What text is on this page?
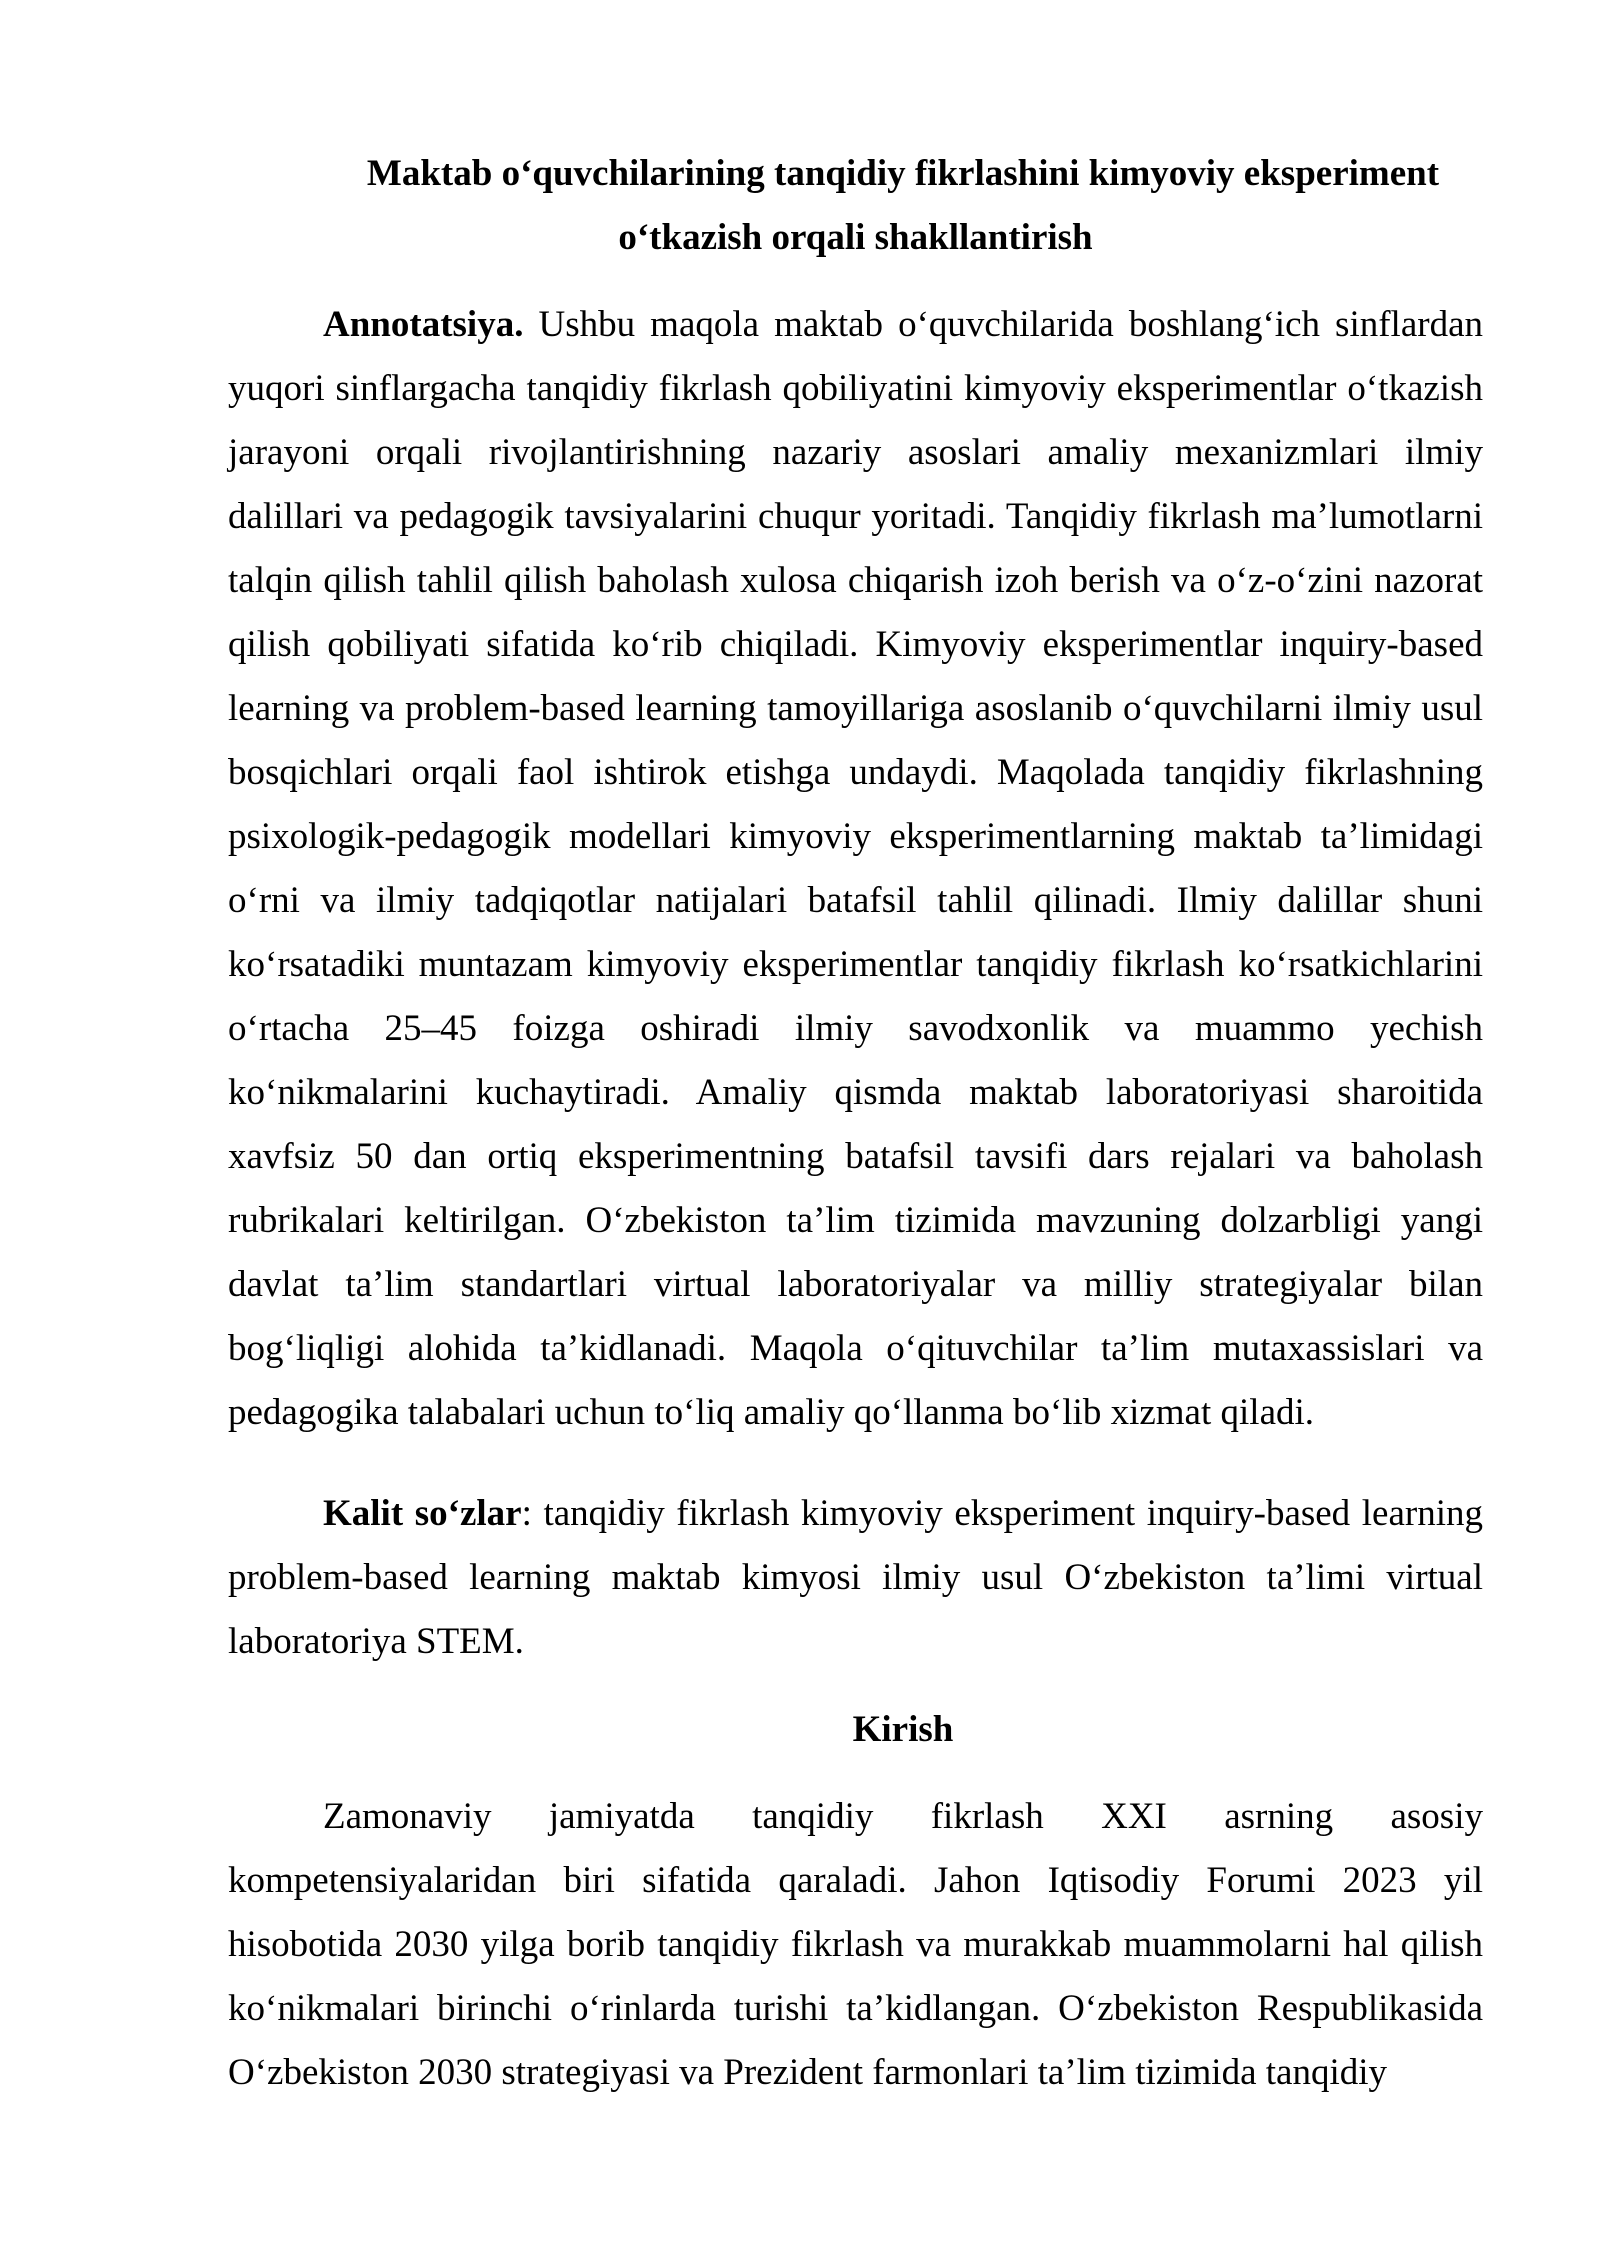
Maktab o‘quvchilarining tanqidiy fikrlashini kimyoviy eksperiment
o‘tkazish orqali shakllantirish

Annotatsiya. Ushbu maqola maktab o‘quvchilarida boshlang‘ich sinflardan yuqori sinflargacha tanqidiy fikrlash qobiliyatini kimyoviy eksperimentlar o‘tkazish jarayoni orqali rivojlantirishning nazariy asoslari amaliy mexanizmlari ilmiy dalillari va pedagogik tavsiyalarini chuqur yoritadi. Tanqidiy fikrlash ma’lumotlarni talqin qilish tahlil qilish baholash xulosa chiqarish izoh berish va o‘z-o‘zini nazorat qilish qobiliyati sifatida ko‘rib chiqiladi. Kimyoviy eksperimentlar inquiry-based learning va problem-based learning tamoyillariga asoslanib o‘quvchilarni ilmiy usul bosqichlari orqali faol ishtirok etishga undaydi. Maqolada tanqidiy fikrlashning psixologik-pedagogik modellari kimyoviy eksperimentlarning maktab ta’limidagi o‘rni va ilmiy tadqiqotlar natijalari batafsil tahlil qilinadi. Ilmiy dalillar shuni ko‘rsatadiki muntazam kimyoviy eksperimentlar tanqidiy fikrlash ko‘rsatkichlarini o‘rtacha 25–45 foizga oshiradi ilmiy savodxonlik va muammo yechish ko‘nikmalarini kuchaytiradi. Amaliy qismda maktab laboratoriyasi sharoitida xavfsiz 50 dan ortiq eksperimentning batafsil tavsifi dars rejalari va baholash rubrikalari keltirilgan. O‘zbekiston ta’lim tizimida mavzuning dolzarbligi yangi davlat ta’lim standartlari virtual laboratoriyalar va milliy strategiyalar bilan bog‘liqligi alohida ta’kidlanadi. Maqola o‘qituvchilar ta’lim mutaxassislari va pedagogika talabalari uchun to‘liq amaliy qo‘llanma bo‘lib xizmat qiladi.

Kalit so‘zlar: tanqidiy fikrlash kimyoviy eksperiment inquiry-based learning problem-based learning maktab kimyosi ilmiy usul O‘zbekiston ta’limi virtual laboratoriya STEM.

Kirish

Zamonaviy jamiyatda tanqidiy fikrlash XXI asrning asosiy kompetensiyalaridan biri sifatida qaraladi. Jahon Iqtisodiy Forumi 2023 yil hisobotida 2030 yilga borib tanqidiy fikrlash va murakkab muammolarni hal qilish ko‘nikmalari birinchi o‘rinlarda turishi ta’kidlangan. O‘zbekiston Respublikasida O‘zbekiston 2030 strategiyasi va Prezident farmonlari ta’lim tizimida tanqidiy
